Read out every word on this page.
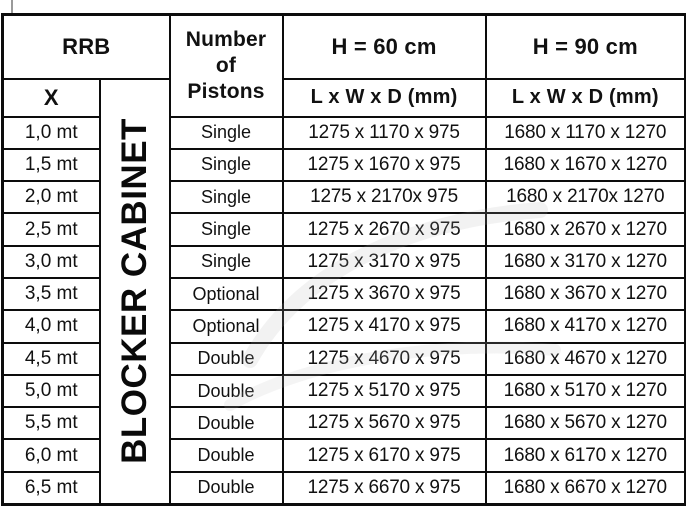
RRB		Number
of
Pistons	H = 60 cm	H = 90 cm
X	BLOCKER CABINET		L x W x D (mm)	L x W x D (mm)
1,0 mt		Single	1275 x 1170 x 975	1680 x 1170 x 1270
1,5 mt		Single	1275 x 1670 x 975	1680 x 1670 x 1270
2,0 mt		Single	1275 x 2170x 975	1680 x 2170x 1270
2,5 mt		Single	1275 x 2670 x 975	1680 x 2670 x 1270
3,0 mt		Single	1275 x 3170 x 975	1680 x 3170 x 1270
3,5 mt		Optional	1275 x 3670 x 975	1680 x 3670 x 1270
4,0 mt		Optional	1275 x 4170 x 975	1680 x 4170 x 1270
4,5 mt		Double	1275 x 4670 x 975	1680 x 4670 x 1270
5,0 mt		Double	1275 x 5170 x 975	1680 x 5170 x 1270
5,5 mt		Double	1275 x 5670 x 975	1680 x 5670 x 1270
6,0 mt		Double	1275 x 6170 x 975	1680 x 6170 x 1270
6,5 mt		Double	1275 x 6670 x 975	1680 x 6670 x 1270
